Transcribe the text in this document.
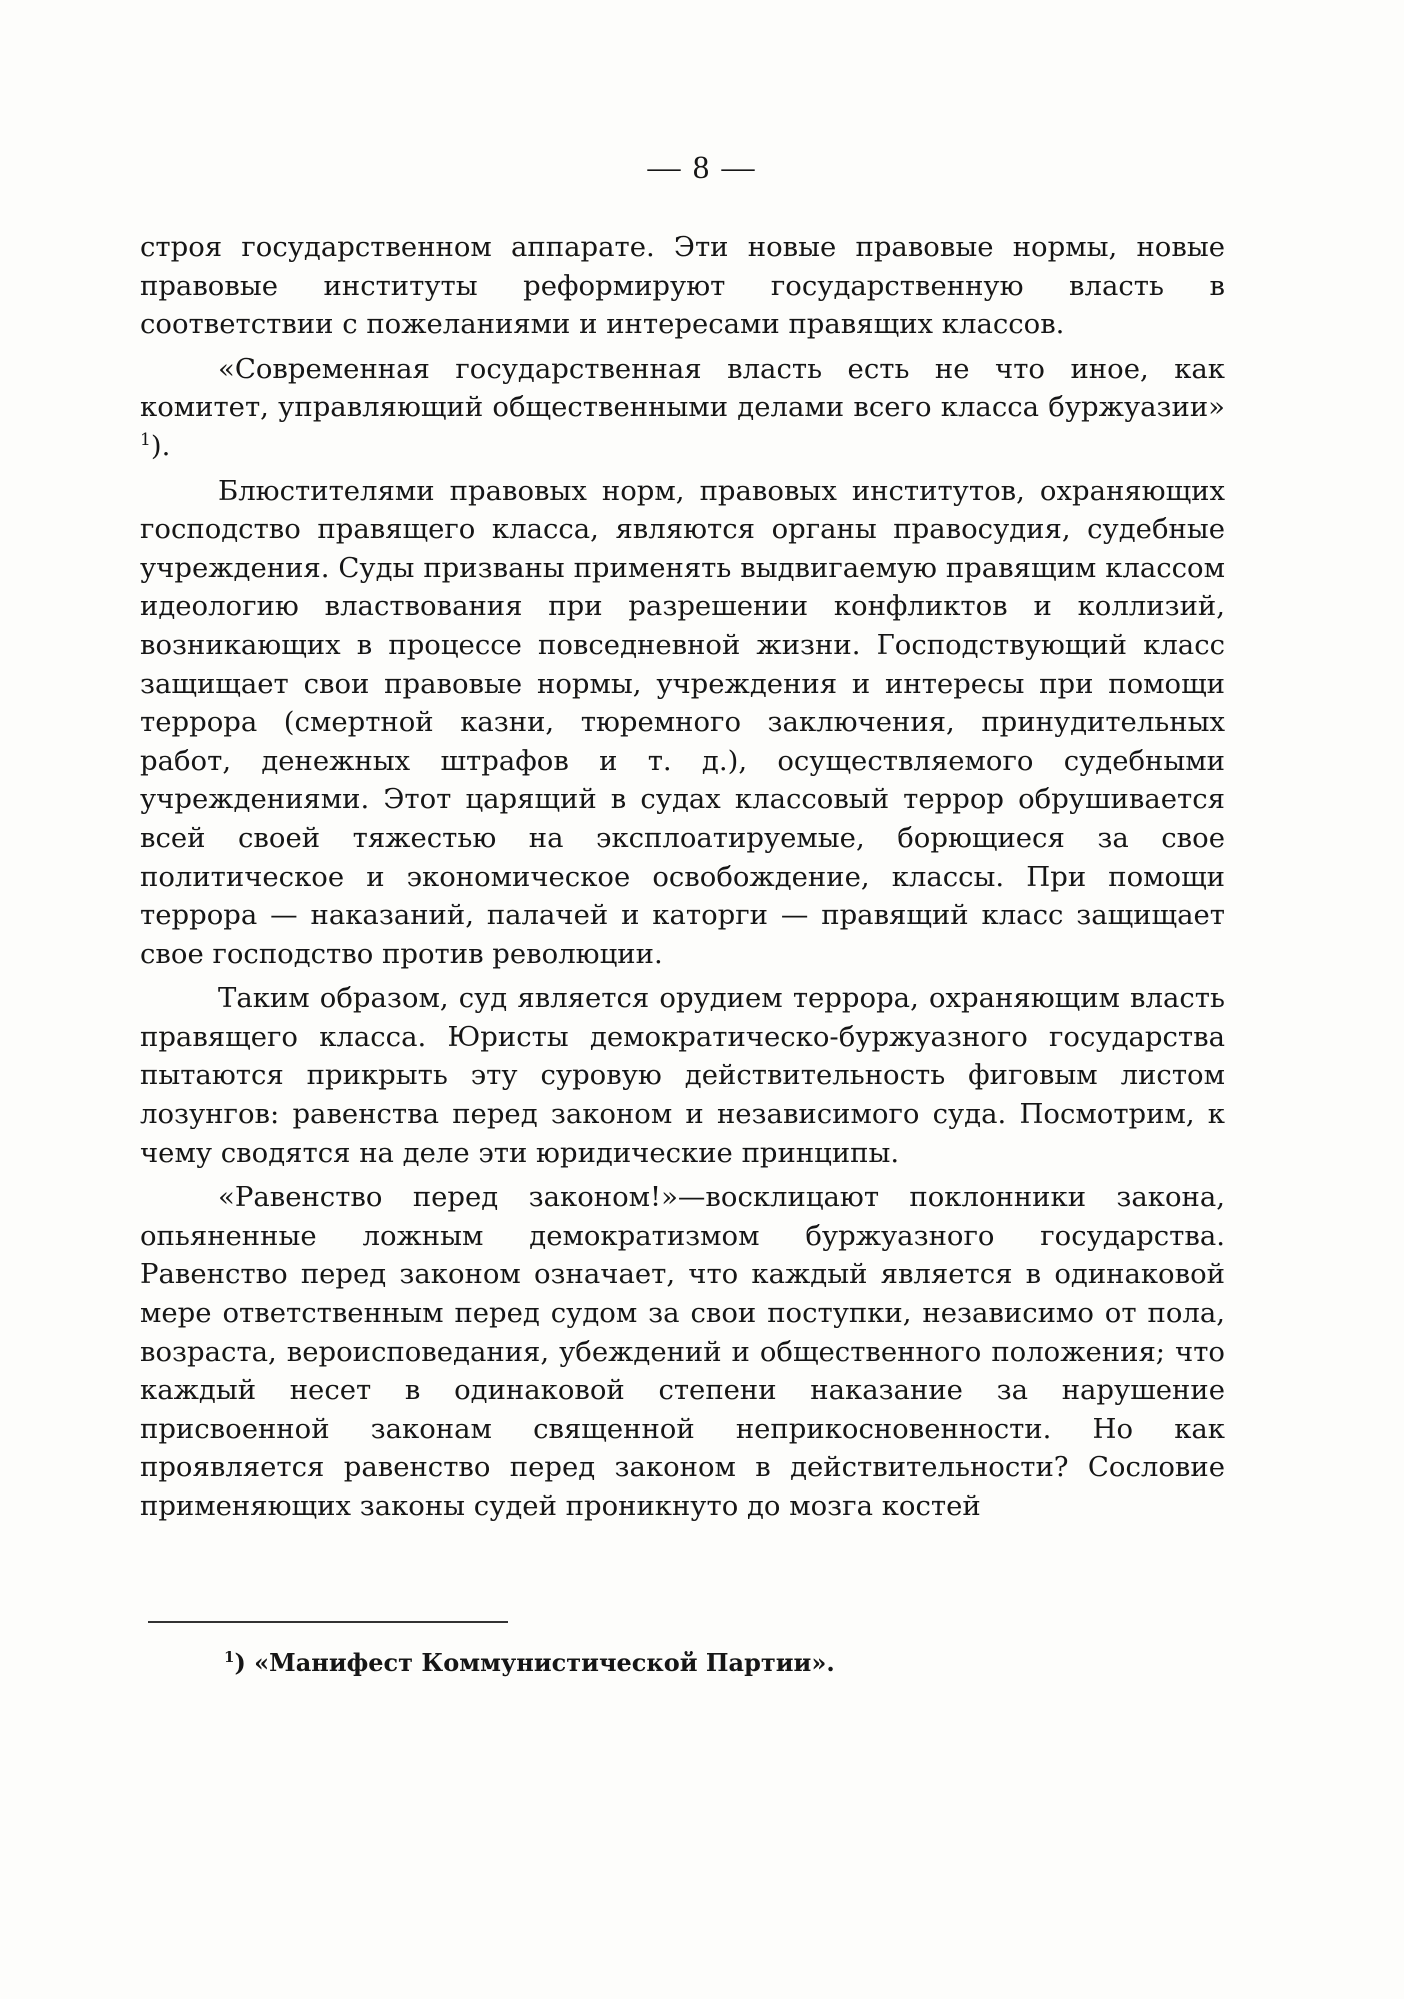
— 8 —

строя государственном аппарате. Эти новые правовые нормы, новые правовые институты реформируют государственную власть в соответствии с пожеланиями и интересами правящих классов.

«Современная государственная власть есть не что иное, как комитет, управляющий общественными делами всего класса буржуазии» $^1$).

Блюстителями правовых норм, правовых институтов, охраняющих господство правящего класса, являются органы правосудия, судебные учреждения. Суды призваны применять выдвигаемую правящим классом идеологию властвования при разрешении конфликтов и коллизий, возникающих в процессе повседневной жизни. Господствующий класс защищает свои правовые нормы, учреждения и интересы при помощи террора (смертной казни, тюремного заключения, принудительных работ, денежных штрафов и т. д.), осуществляемого судебными учреждениями. Этот царящий в судах классовый террор обрушивается всей своей тяжестью на эксплоатируемые, борющиеся за свое политическое и экономическое освобождение, классы. При помощи террора — наказаний, палачей и каторги — правящий класс защищает свое господство против революции.

Таким образом, суд является орудием террора, охраняющим власть правящего класса. Юристы демократическо-буржуазного государства пытаются прикрыть эту суровую действительность фиговым листом лозунгов: равенства перед законом и независимого суда. Посмотрим, к чему сводятся на деле эти юридические принципы.

«Равенство перед законом!»—восклицают поклонники закона, опьяненные ложным демократизмом буржуазного государства. Равенство перед законом означает, что каждый является в одинаковой мере ответственным перед судом за свои поступки, независимо от пола, возраста, вероисповедания, убеждений и общественного положения; что каждый несет в одинаковой степени наказание за нарушение присвоенной законам священной неприкосновенности. Но как проявляется равенство перед законом в действительности? Сословие применяющих законы судей проникнуто до мозга костей

$^1$) «Манифест Коммунистической Партии».
